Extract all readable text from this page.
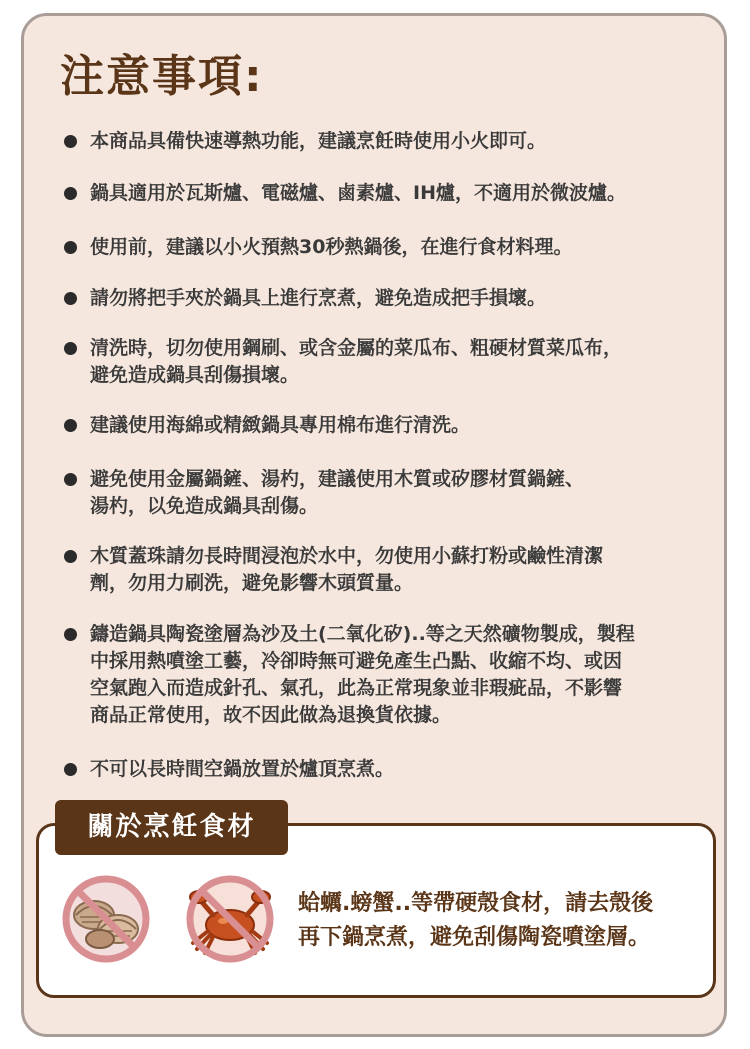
注意事項:
本商品具備快速導熱功能，建議烹飪時使用小火即可。
鍋具適用於瓦斯爐、電磁爐、鹵素爐、IH爐，不適用於微波爐。
使用前，建議以小火預熱30秒熱鍋後，在進行食材料理。
請勿將把手夾於鍋具上進行烹煮，避免造成把手損壞。
清洗時，切勿使用鋼刷、或含金屬的菜瓜布、粗硬材質菜瓜布，
避免造成鍋具刮傷損壞。
建議使用海綿或精緻鍋具專用棉布進行清洗。
避免使用金屬鍋鏟、湯杓，建議使用木質或矽膠材質鍋鏟、
湯杓，以免造成鍋具刮傷。
木質蓋珠請勿長時間浸泡於水中，勿使用小蘇打粉或鹼性清潔
劑，勿用力刷洗，避免影響木頭質量。
鑄造鍋具陶瓷塗層為沙及土(二氧化矽)..等之天然礦物製成，製程
中採用熱噴塗工藝，冷卻時無可避免產生凸點、收縮不均、或因
空氣跑入而造成針孔、氣孔，此為正常現象並非瑕疵品，不影響
商品正常使用，故不因此做為退換貨依據。
不可以長時間空鍋放置於爐頂烹煮。
關於烹飪食材
蛤蠣.螃蟹..等帶硬殼食材，請去殼後
再下鍋烹煮，避免刮傷陶瓷噴塗層。
